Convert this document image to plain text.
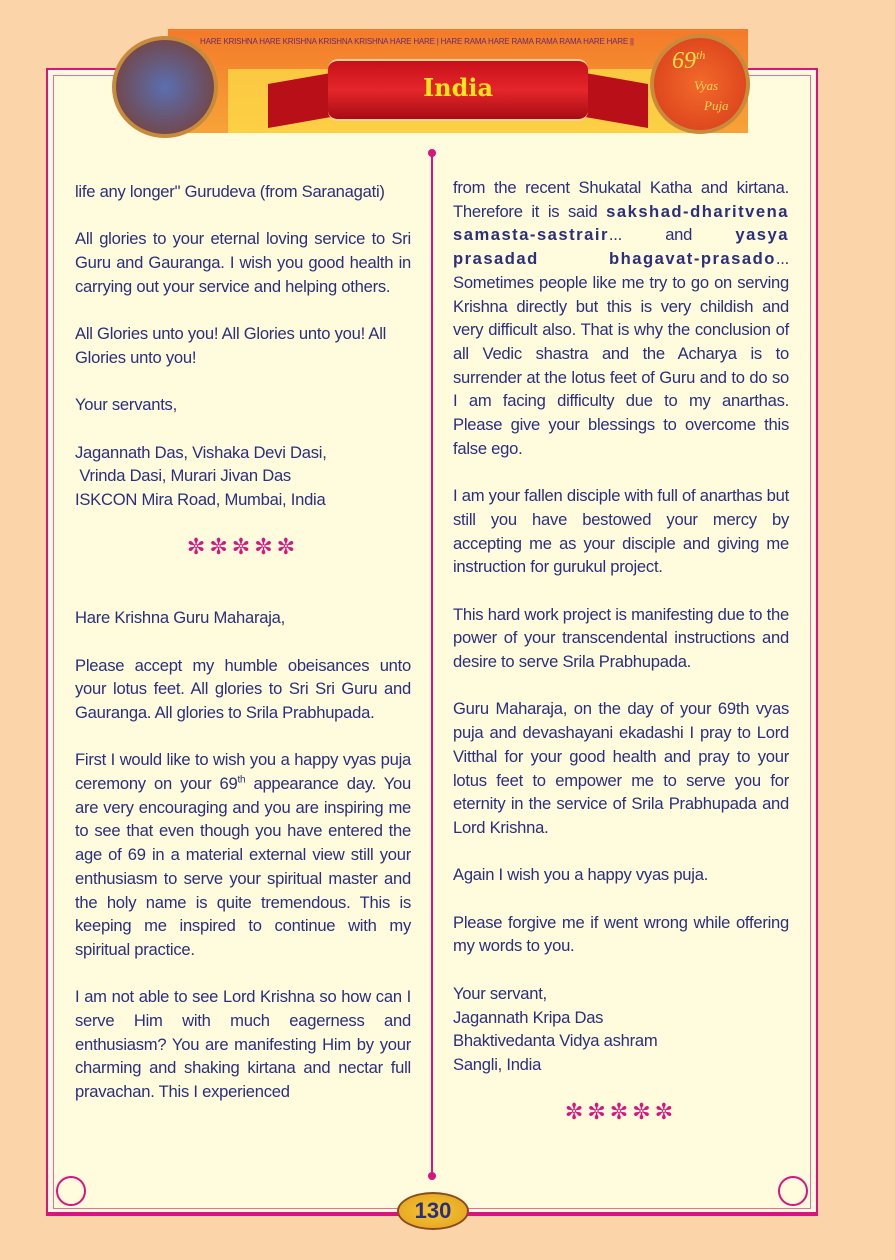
HARE KRISHNA HARE KRISHNA KRISHNA KRISHNA HARE HARE | HARE RAMA HARE RAMA RAMA RAMA HARE HARE ||
India
69th
Vyas
Puja

life any longer" Gurudeva (from Saranagati)

All glories to your eternal loving service to Sri Guru and Gauranga. I wish you good health in carrying out your service and helping others.

All Glories unto you! All Glories unto you! All Glories unto you!

Your servants,

Jagannath Das, Vishaka Devi Dasi,
Vrinda Dasi, Murari Jivan Das
ISKCON Mira Road, Mumbai, India

✼✼✼✼✼

Hare Krishna Guru Maharaja,

Please accept my humble obeisances unto your lotus feet. All glories to Sri Sri Guru and Gauranga. All glories to Srila Prabhupada.

First I would like to wish you a happy vyas puja ceremony on your 69th appearance day. You are very encouraging and you are inspiring me to see that even though you have entered the age of 69 in a material external view still your enthusiasm to serve your spiritual master and the holy name is quite tremendous. This is keeping me inspired to continue with my spiritual practice.

I am not able to see Lord Krishna so how can I serve Him with much eagerness and enthusiasm? You are manifesting Him by your charming and shaking kirtana and nectar full pravachan. This I experienced

from the recent Shukatal Katha and kirtana. Therefore it is said sakshad-dharitvena samasta-sastrair... and yasya prasadad bhagavat-prasado... Sometimes people like me try to go on serving Krishna directly but this is very childish and very difficult also. That is why the conclusion of all Vedic shastra and the Acharya is to surrender at the lotus feet of Guru and to do so I am facing difficulty due to my anarthas. Please give your blessings to overcome this false ego.

I am your fallen disciple with full of anarthas but still you have bestowed your mercy by accepting me as your disciple and giving me instruction for gurukul project.

This hard work project is manifesting due to the power of your transcendental instructions and desire to serve Srila Prabhupada.

Guru Maharaja, on the day of your 69th vyas puja and devashayani ekadashi I pray to Lord Vitthal for your good health and pray to your lotus feet to empower me to serve you for eternity in the service of Srila Prabhupada and Lord Krishna.

Again I wish you a happy vyas puja.

Please forgive me if went wrong while offering my words to you.

Your servant,
Jagannath Kripa Das
Bhaktivedanta Vidya ashram
Sangli, India

✼✼✼✼✼
130
